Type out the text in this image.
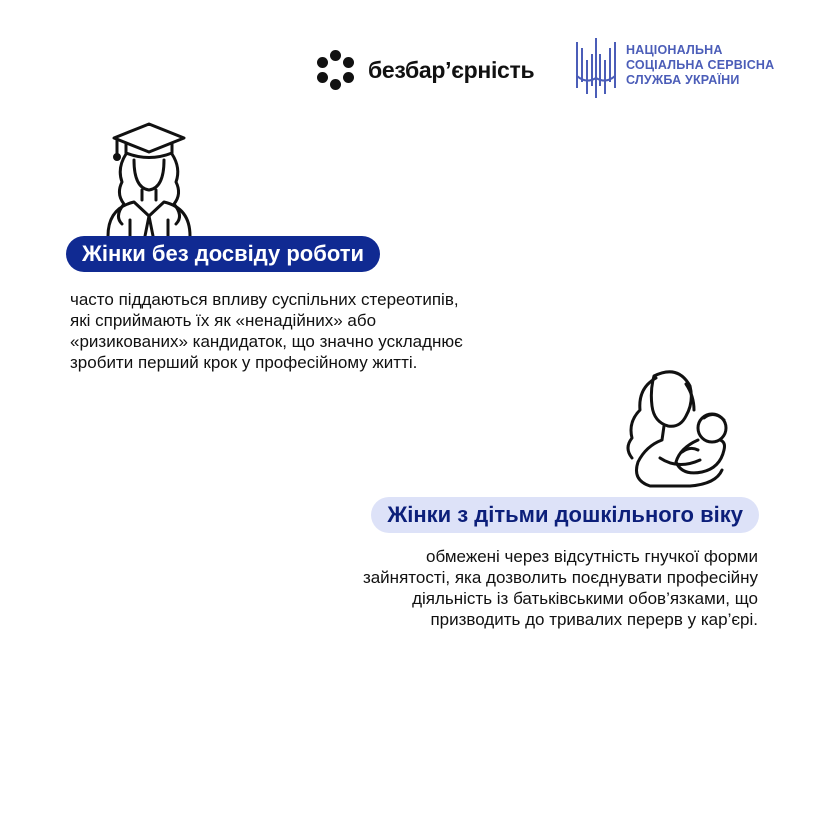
безбар’єрність
НАЦІОНАЛЬНА
СОЦІАЛЬНА СЕРВІСНА
СЛУЖБА УКРАЇНИ
Жінки без досвіду роботи
часто піддаються впливу суспільних стереотипів,
які сприймають їх як «ненадійних» або
«ризикованих» кандидаток, що значно ускладнює
зробити перший крок у професійному житті.
Жінки з дітьми дошкільного віку
обмежені через відсутність гнучкої форми
зайнятості, яка дозволить поєднувати професійну
діяльність із батьківськими обов’язками, що
призводить до тривалих перерв у кар’єрі.
